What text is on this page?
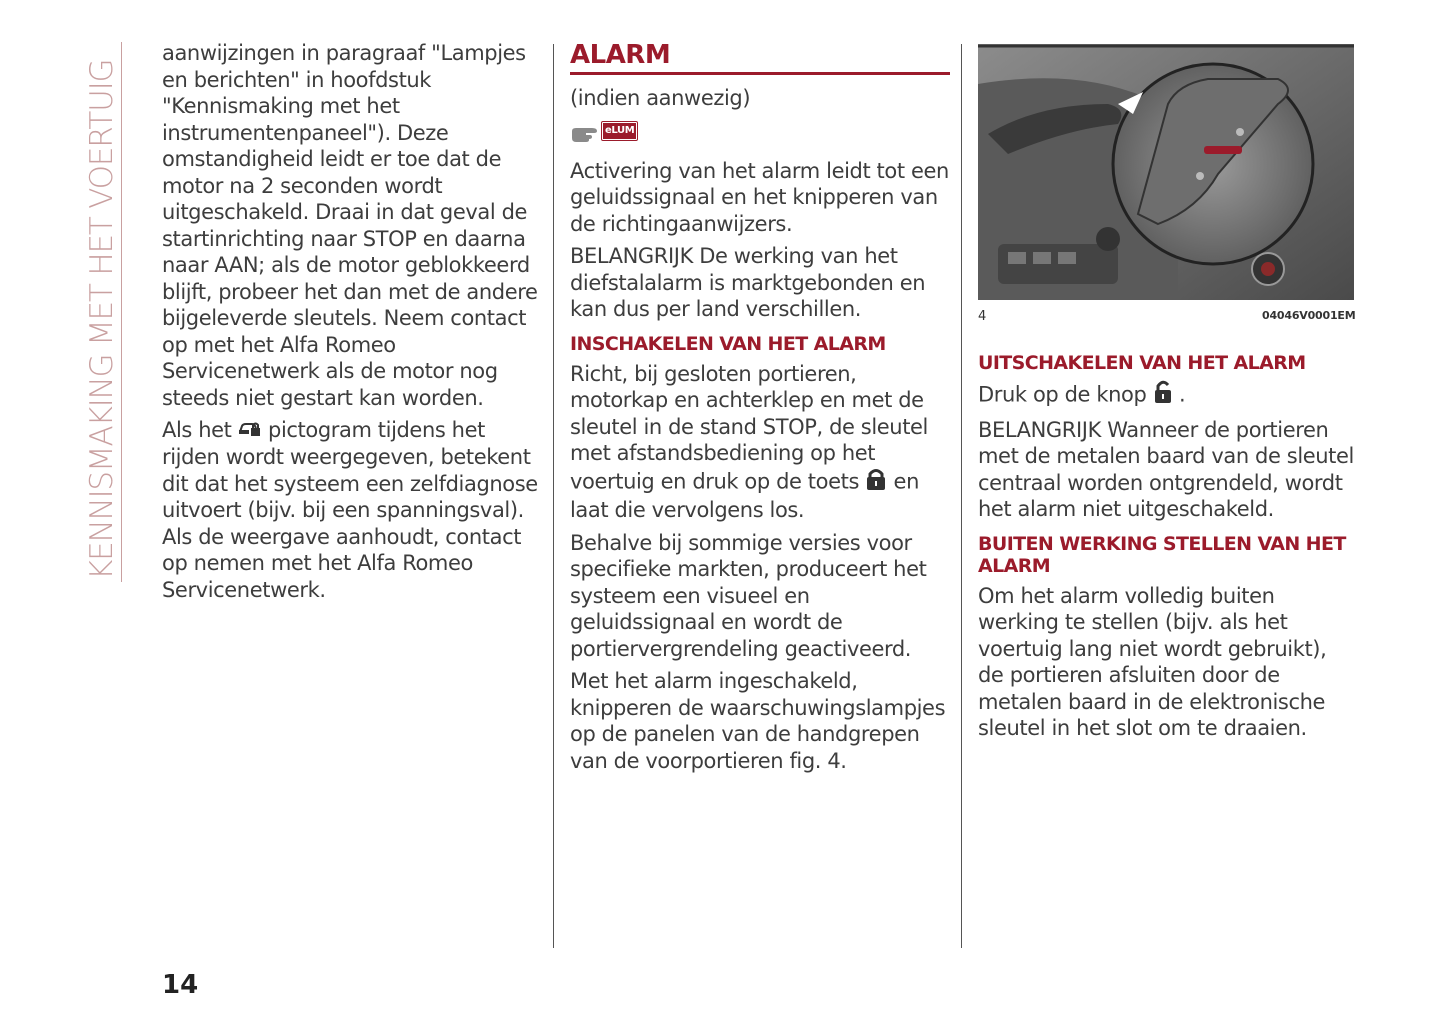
KENNISMAKING MET HET VOERTUIG

aanwijzingen in paragraaf "Lampjes en berichten" in hoofdstuk "Kennismaking met het instrumentenpaneel"). Deze omstandigheid leidt er toe dat de motor na 2 seconden wordt uitgeschakeld. Draai in dat geval de startinrichting naar STOP en daarna naar AAN; als de motor geblokkeerd blijft, probeer het dan met de andere bijgeleverde sleutels. Neem contact op met het Alfa Romeo Servicenetwerk als de motor nog steeds niet gestart kan worden.

Als het pictogram tijdens het rijden wordt weergegeven, betekent dit dat het systeem een zelfdiagnose uitvoert (bijv. bij een spanningsval). Als de weergave aanhoudt, contact op nemen met het Alfa Romeo Servicenetwerk.

ALARM

(indien aanwezig)

eLUM

Activering van het alarm leidt tot een geluidssignaal en het knipperen van de richtingaanwijzers.

BELANGRIJK De werking van het diefstalalarm is marktgebonden en kan dus per land verschillen.

INSCHAKELEN VAN HET ALARM

Richt, bij gesloten portieren, motorkap en achterklep en met de sleutel in de stand STOP, de sleutel met afstandsbediening op het voertuig en druk op de toets en laat die vervolgens los.

Behalve bij sommige versies voor specifieke markten, produceert het systeem een visueel en geluidssignaal en wordt de portiervergrendeling geactiveerd.

Met het alarm ingeschakeld, knipperen de waarschuwingslampjes op de panelen van de handgrepen van de voorportieren fig. 4.

4	04046V0001EM
UITSCHAKELEN VAN HET ALARM

Druk op de knop .

BELANGRIJK Wanneer de portieren met de metalen baard van de sleutel centraal worden ontgrendeld, wordt het alarm niet uitgeschakeld.

BUITEN WERKING STELLEN VAN HET ALARM

Om het alarm volledig buiten werking te stellen (bijv. als het voertuig lang niet wordt gebruikt), de portieren afsluiten door de metalen baard in de elektronische sleutel in het slot om te draaien.

14
